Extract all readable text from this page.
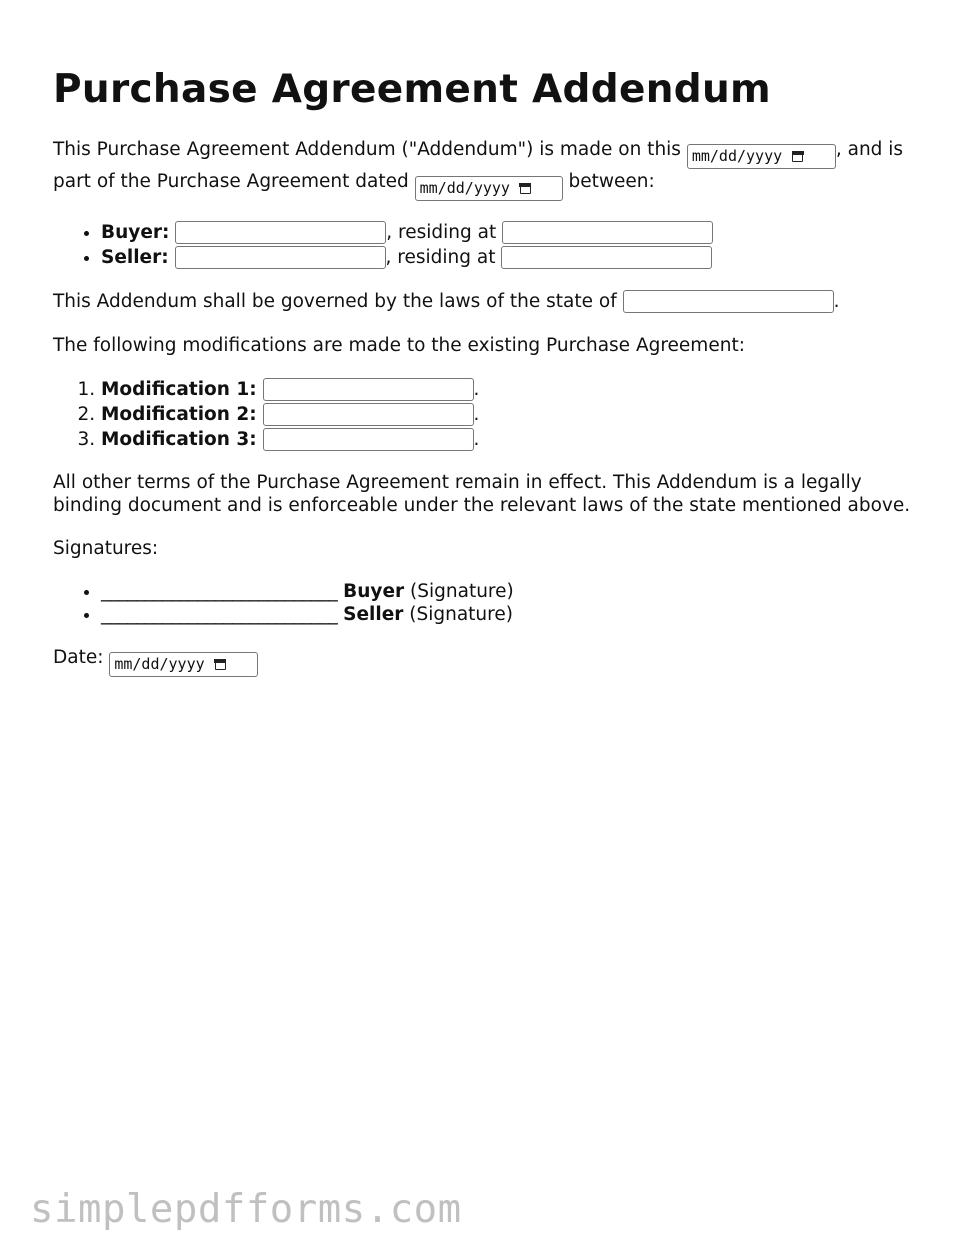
Purchase Agreement Addendum

This Purchase Agreement Addendum ("Addendum") is made on this mm/dd/yyyy	, and is part of the Purchase Agreement dated mm/dd/yyyy	between:

• Buyer:	, residing at
• Seller:	, residing at

This Addendum shall be governed by the laws of the state of	.

The following modifications are made to the existing Purchase Agreement:

1. Modification 1:	.
2. Modification 2:	.
3. Modification 3:	.

All other terms of the Purchase Agreement remain in effect. This Addendum is a legally binding document and is enforceable under the relevant laws of the state mentioned above.

Signatures:

• ___________________________ Buyer (Signature)
• ___________________________ Seller (Signature)

Date: mm/dd/yyyy

simplepdfforms.com
